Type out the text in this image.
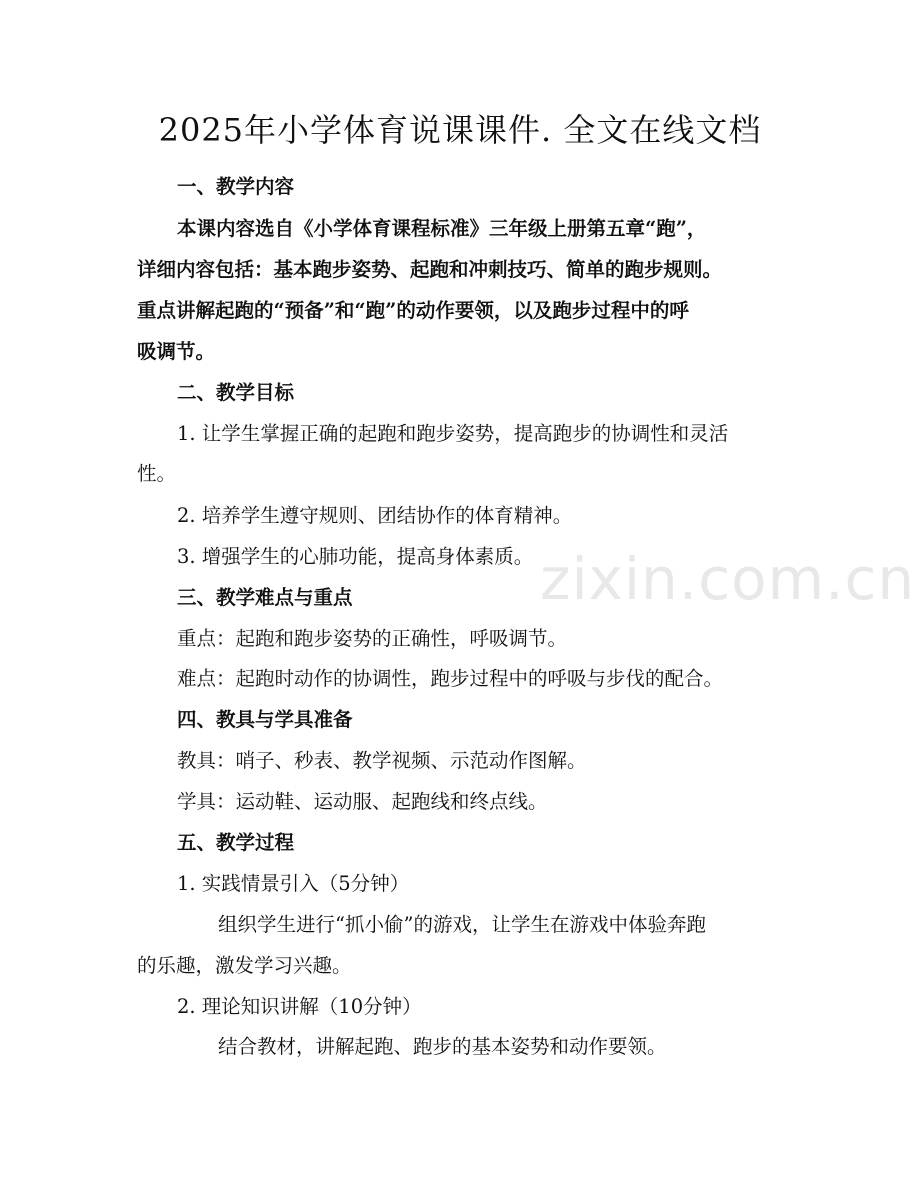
2025年小学体育说课课件. 全文在线文档

一、教学内容

本课内容选自《小学体育课程标准》三年级上册第五章“跑”，

详细内容包括：基本跑步姿势、起跑和冲刺技巧、简单的跑步规则。

重点讲解起跑的“预备”和“跑”的动作要领，以及跑步过程中的呼

吸调节。

二、教学目标

1. 让学生掌握正确的起跑和跑步姿势，提高跑步的协调性和灵活

性。

2. 培养学生遵守规则、团结协作的体育精神。

3. 增强学生的心肺功能，提高身体素质。

三、教学难点与重点

重点：起跑和跑步姿势的正确性，呼吸调节。

难点：起跑时动作的协调性，跑步过程中的呼吸与步伐的配合。

四、教具与学具准备

教具：哨子、秒表、教学视频、示范动作图解。

学具：运动鞋、运动服、起跑线和终点线。

五、教学过程

1. 实践情景引入（5分钟）

组织学生进行“抓小偷”的游戏，让学生在游戏中体验奔跑

的乐趣，激发学习兴趣。

2. 理论知识讲解（10分钟）

结合教材，讲解起跑、跑步的基本姿势和动作要领。

zixin.com.cn
